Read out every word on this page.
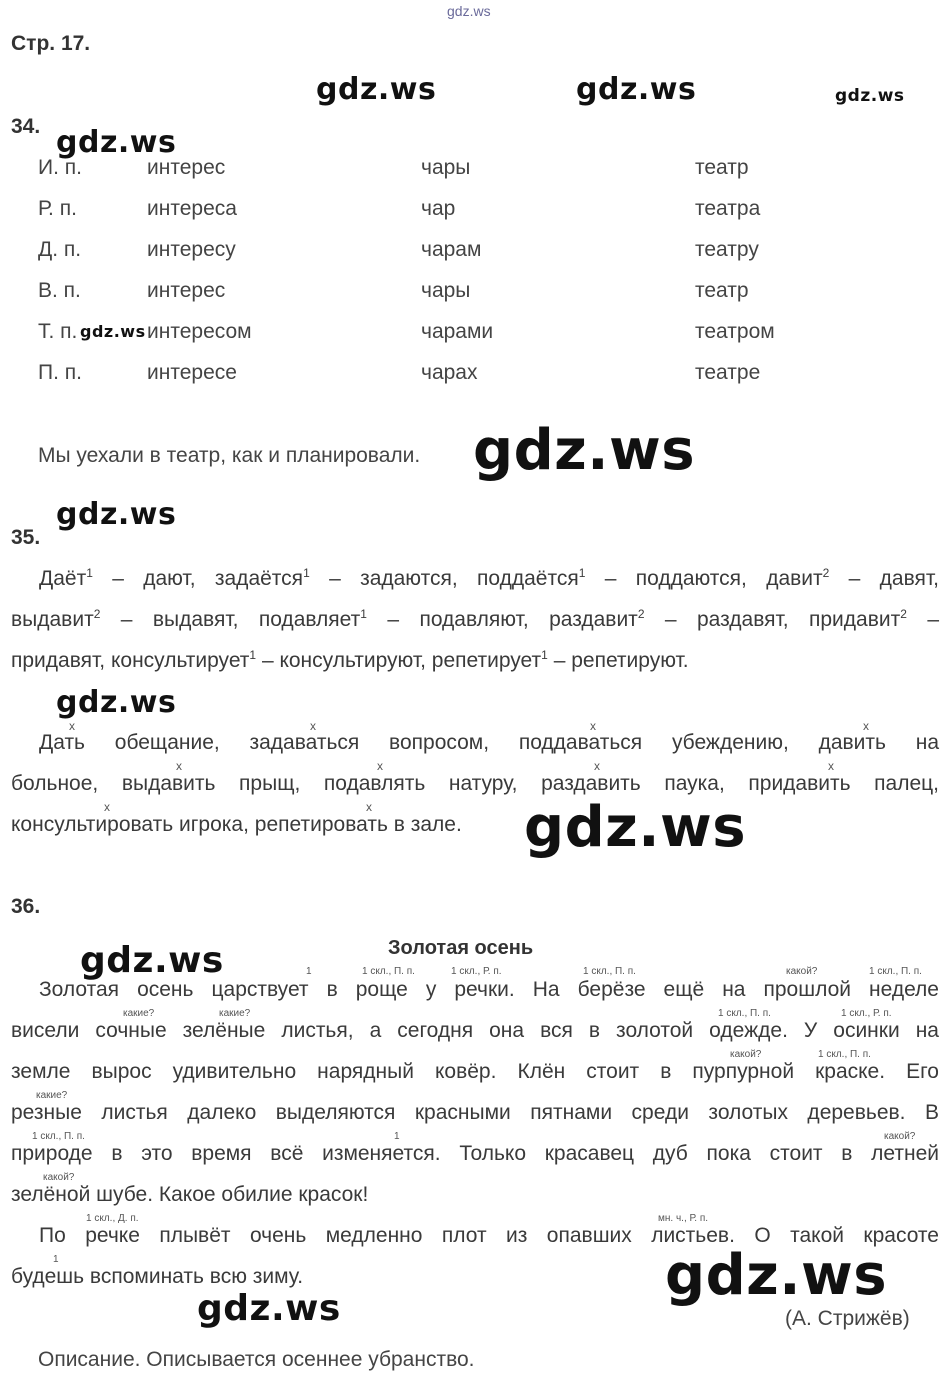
gdz.ws
Стр. 17.
gdz.ws	gdz.ws	gdz.ws
gdz.ws
gdz.ws
gdz.ws
gdz.ws
gdz.ws
gdz.ws
gdz.ws
gdz.ws
34.
И. п.	интерес	чары	театр
Р. п.	интереса	чар	театра
Д. п.	интересу	чарам	театру
В. п.	интерес	чары	театр
Т. п.	интересом	чарами	театром
П. п.	интересе	чарах	театре
gdz.ws
Мы уехали в театр, как и планировали.
35.
Даёт$^1$ – дают, задаётся$^1$ – задаются, поддаётся$^1$ – поддаются, давит$^2$ – давят,
выдавит$^2$ – выдавят, подавляет$^1$ – подавляют, раздавит$^2$ – раздавят, придавит$^2$ –
придавят, консультирует$^1$ – консультируют, репетирует$^1$ – репетируют.
Дать обещание, задаваться вопросом, поддаваться убеждению, давить на
больное, выдавить прыщ, подавлять натуру, раздавить паука, придавить палец,
консультировать игрока, репетировать в зале.
x	x	x	x
x	x	x	x
x	x
36.
Золотая осень
Золотая осень царствует в роще у речки. На берёзе ещё на прошлой неделе
висели сочные зелёные листья, а сегодня она вся в золотой одежде. У осинки на
земле вырос удивительно нарядный ковёр. Клён стоит в пурпурной краске. Его
резные листья далеко выделяются красными пятнами среди золотых деревьев. В
природе в это время всё изменяется. Только красавец дуб пока стоит в летней
зелёной шубе. Какое обилие красок!
По речке плывёт очень медленно плот из опавших листьев. О такой красоте
будешь вспоминать всю зиму.
1	1 скл., П. п.	1 скл., Р. п.	1 скл., П. п.	какой?	1 скл., П. п.
какие?	какие?	1 скл., П. п.	1 скл., Р. п.
какой?	1 скл., П. п.
какие?
1 скл., П. п.	1	какой?
какой?
1 скл., Д. п.	мн. ч., Р. п.
1
(А. Стрижёв)
Описание. Описывается осеннее убранство.
